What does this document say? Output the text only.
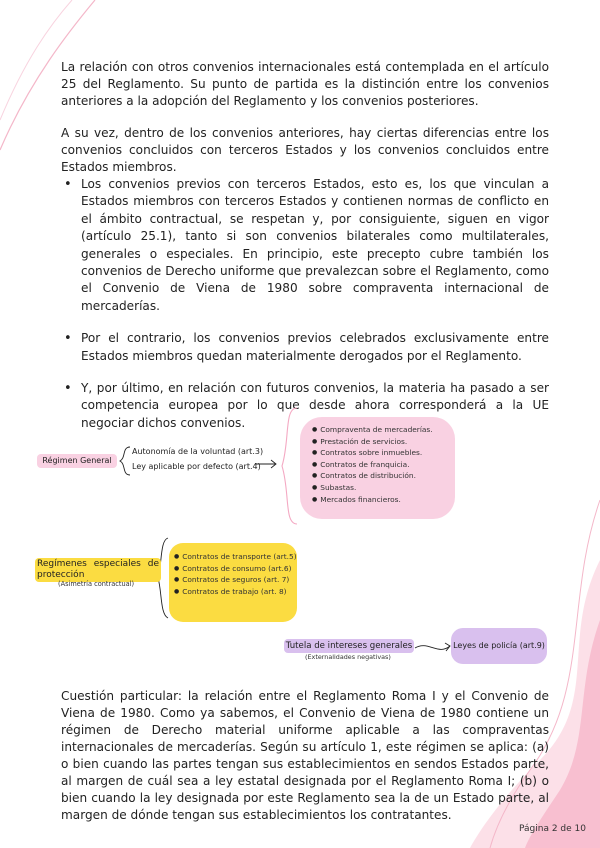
La relación con otros convenios internacionales está contemplada en el artículo 25 del Reglamento. Su punto de partida es la distinción entre los convenios anteriores a la adopción del Reglamento y los convenios posteriores.

A su vez, dentro de los convenios anteriores, hay ciertas diferencias entre los convenios concluidos con terceros Estados y los convenios concluidos entre Estados miembros.

• Los convenios previos con terceros Estados, esto es, los que vinculan a Estados miembros con terceros Estados y contienen normas de conflicto en el ámbito contractual, se respetan y, por consiguiente, siguen en vigor (artículo 25.1), tanto si son convenios bilaterales como multilaterales, generales o especiales. En principio, este precepto cubre también los convenios de Derecho uniforme que prevalezcan sobre el Reglamento, como el Convenio de Viena de 1980 sobre compraventa internacional de mercaderías.
• Por el contrario, los convenios previos celebrados exclusivamente entre Estados miembros quedan materialmente derogados por el Reglamento.
• Y, por último, en relación con futuros convenios, la materia ha pasado a ser competencia europea por lo que desde ahora corresponderá a la UE negociar dichos convenios.
Régimen General
Autonomía de la voluntad (art.3)
Ley aplicable por defecto (art.4)
● Compraventa de mercaderías.
● Prestación de servicios.
● Contratos sobre inmuebles.
● Contratos de franquicia.
● Contratos de distribución.
● Subastas.
● Mercados financieros.
Regímenes especiales de protección
(Asimetría contractual)
● Contratos de transporte (art.5)
● Contratos de consumo (art.6)
● Contratos de seguros (art. 7)
● Contratos de trabajo (art. 8)
Tutela de intereses generales
(Externalidades negativas)
Leyes de policía (art.9)

Cuestión particular: la relación entre el Reglamento Roma I y el Convenio de Viena de 1980. Como ya sabemos, el Convenio de Viena de 1980 contiene un régimen de Derecho material uniforme aplicable a las compraventas internacionales de mercaderías. Según su artículo 1, este régimen se aplica: (a) o bien cuando las partes tengan sus establecimientos en sendos Estados parte, al margen de cuál sea a ley estatal designada por el Reglamento Roma I; (b) o bien cuando la ley designada por este Reglamento sea la de un Estado parte, al margen de dónde tengan sus establecimientos los contratantes.

Página 2 de 10
